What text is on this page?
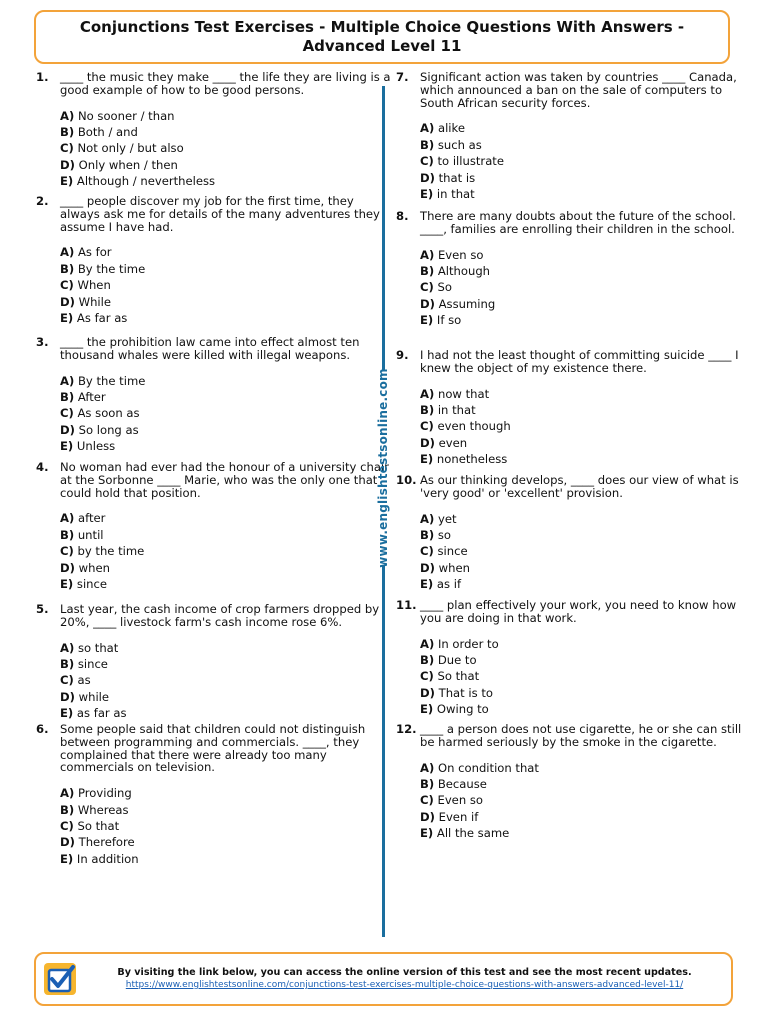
Conjunctions Test Exercises - Multiple Choice Questions With Answers -
Advanced Level 11
1. ____ the music they make ____ the life they are living is a good example of how to be good persons.
A) No sooner / than
B) Both / and
C) Not only / but also
D) Only when / then
E) Although / nevertheless
2. ____ people discover my job for the first time, they always ask me for details of the many adventures they assume I have had.
A) As for
B) By the time
C) When
D) While
E) As far as
3. ____ the prohibition law came into effect almost ten thousand whales were killed with illegal weapons.
A) By the time
B) After
C) As soon as
D) So long as
E) Unless
4. No woman had ever had the honour of a university chair at the Sorbonne ____ Marie, who was the only one that could hold that position.
A) after
B) until
C) by the time
D) when
E) since
5. Last year, the cash income of crop farmers dropped by 20%, ____ livestock farm's cash income rose 6%.
A) so that
B) since
C) as
D) while
E) as far as
6. Some people said that children could not distinguish between programming and commercials. ____, they complained that there were already too many commercials on television.
A) Providing
B) Whereas
C) So that
D) Therefore
E) In addition
7. Significant action was taken by countries ____ Canada, which announced a ban on the sale of computers to South African security forces.
A) alike
B) such as
C) to illustrate
D) that is
E) in that
8. There are many doubts about the future of the school. ____, families are enrolling their children in the school.
A) Even so
B) Although
C) So
D) Assuming
E) If so
9. I had not the least thought of committing suicide ____ I knew the object of my existence there.
A) now that
B) in that
C) even though
D) even
E) nonetheless
10. As our thinking develops, ____ does our view of what is 'very good' or 'excellent' provision.
A) yet
B) so
C) since
D) when
E) as if
11. ____ plan effectively your work, you need to know how you are doing in that work.
A) In order to
B) Due to
C) So that
D) That is to
E) Owing to
12. ____ a person does not use cigarette, he or she can still be harmed seriously by the smoke in the cigarette.
A) On condition that
B) Because
C) Even so
D) Even if
E) All the same
www.englishtestsonline.com
By visiting the link below, you can access the online version of this test and see the most recent updates.
https://www.englishtestsonline.com/conjunctions-test-exercises-multiple-choice-questions-with-answers-advanced-level-11/
